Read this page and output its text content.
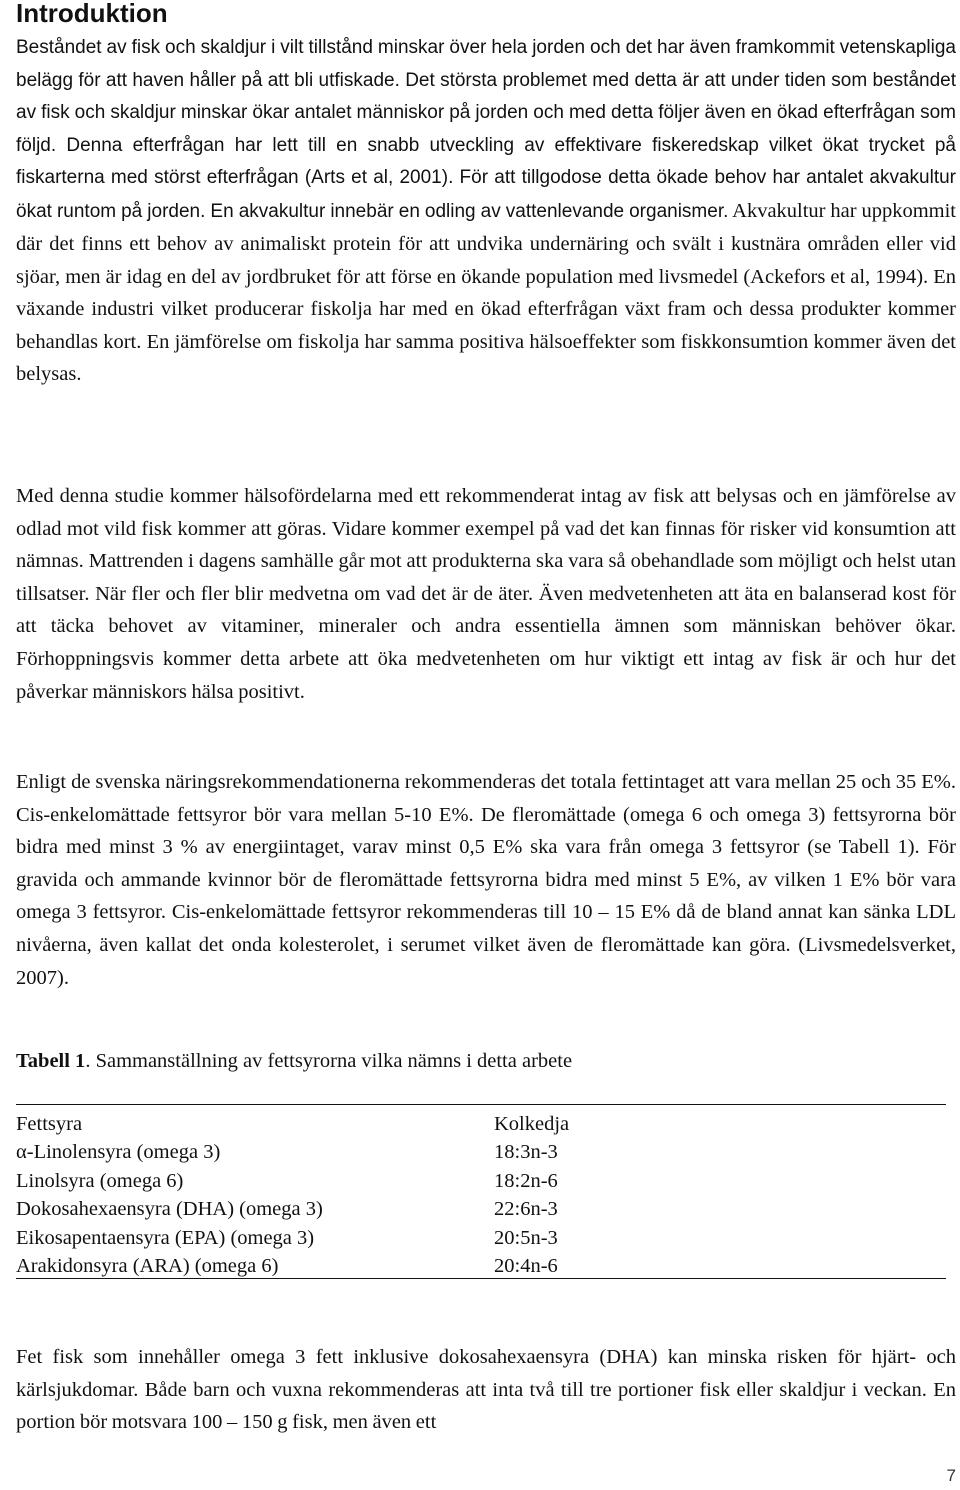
Introduktion

Beståndet av fisk och skaldjur i vilt tillstånd minskar över hela jorden och det har även framkommit vetenskapliga belägg för att haven håller på att bli utfiskade. Det största problemet med detta är att under tiden som beståndet av fisk och skaldjur minskar ökar antalet människor på jorden och med detta följer även en ökad efterfrågan som följd. Denna efterfrågan har lett till en snabb utveckling av effektivare fiskeredskap vilket ökat trycket på fiskarterna med störst efterfrågan (Arts et al, 2001). För att tillgodose detta ökade behov har antalet akvakultur ökat runtom på jorden. En akvakultur innebär en odling av vattenlevande organismer. Akvakultur har uppkommit där det finns ett behov av animaliskt protein för att undvika undernäring och svält i kustnära områden eller vid sjöar, men är idag en del av jordbruket för att förse en ökande population med livsmedel (Ackefors et al, 1994). En växande industri vilket producerar fiskolja har med en ökad efterfrågan växt fram och dessa produkter kommer behandlas kort. En jämförelse om fiskolja har samma positiva hälsoeffekter som fiskkonsumtion kommer även det belysas.

Med denna studie kommer hälsofördelarna med ett rekommenderat intag av fisk att belysas och en jämförelse av odlad mot vild fisk kommer att göras. Vidare kommer exempel på vad det kan finnas för risker vid konsumtion att nämnas. Mattrenden i dagens samhälle går mot att produkterna ska vara så obehandlade som möjligt och helst utan tillsatser. När fler och fler blir medvetna om vad det är de äter. Även medvetenheten att äta en balanserad kost för att täcka behovet av vitaminer, mineraler och andra essentiella ämnen som människan behöver ökar. Förhoppningsvis kommer detta arbete att öka medvetenheten om hur viktigt ett intag av fisk är och hur det påverkar människors hälsa positivt.

Enligt de svenska näringsrekommendationerna rekommenderas det totala fettintaget att vara mellan 25 och 35 E%. Cis-enkelomättade fettsyror bör vara mellan 5-10 E%. De fleromättade (omega 6 och omega 3) fettsyrorna bör bidra med minst 3 % av energiintaget, varav minst 0,5 E% ska vara från omega 3 fettsyror (se Tabell 1). För gravida och ammande kvinnor bör de fleromättade fettsyrorna bidra med minst 5 E%, av vilken 1 E% bör vara omega 3 fettsyror. Cis-enkelomättade fettsyror rekommenderas till 10 – 15 E% då de bland annat kan sänka LDL nivåerna, även kallat det onda kolesterolet, i serumet vilket även de fleromättade kan göra. (Livsmedelsverket, 2007).

Tabell 1. Sammanställning av fettsyrorna vilka nämns i detta arbete

Fettsyra	Kolkedja
α-Linolensyra (omega 3)	18:3n-3
Linolsyra (omega 6)	18:2n-6
Dokosahexaensyra (DHA) (omega 3)	22:6n-3
Eikosapentaensyra (EPA) (omega 3)	20:5n-3
Arakidonsyra (ARA) (omega 6)	20:4n-6

Fet fisk som innehåller omega 3 fett inklusive dokosahexaensyra (DHA) kan minska risken för hjärt- och kärlsjukdomar. Både barn och vuxna rekommenderas att inta två till tre portioner fisk eller skaldjur i veckan. En portion bör motsvara 100 – 150 g fisk, men även ett

7
